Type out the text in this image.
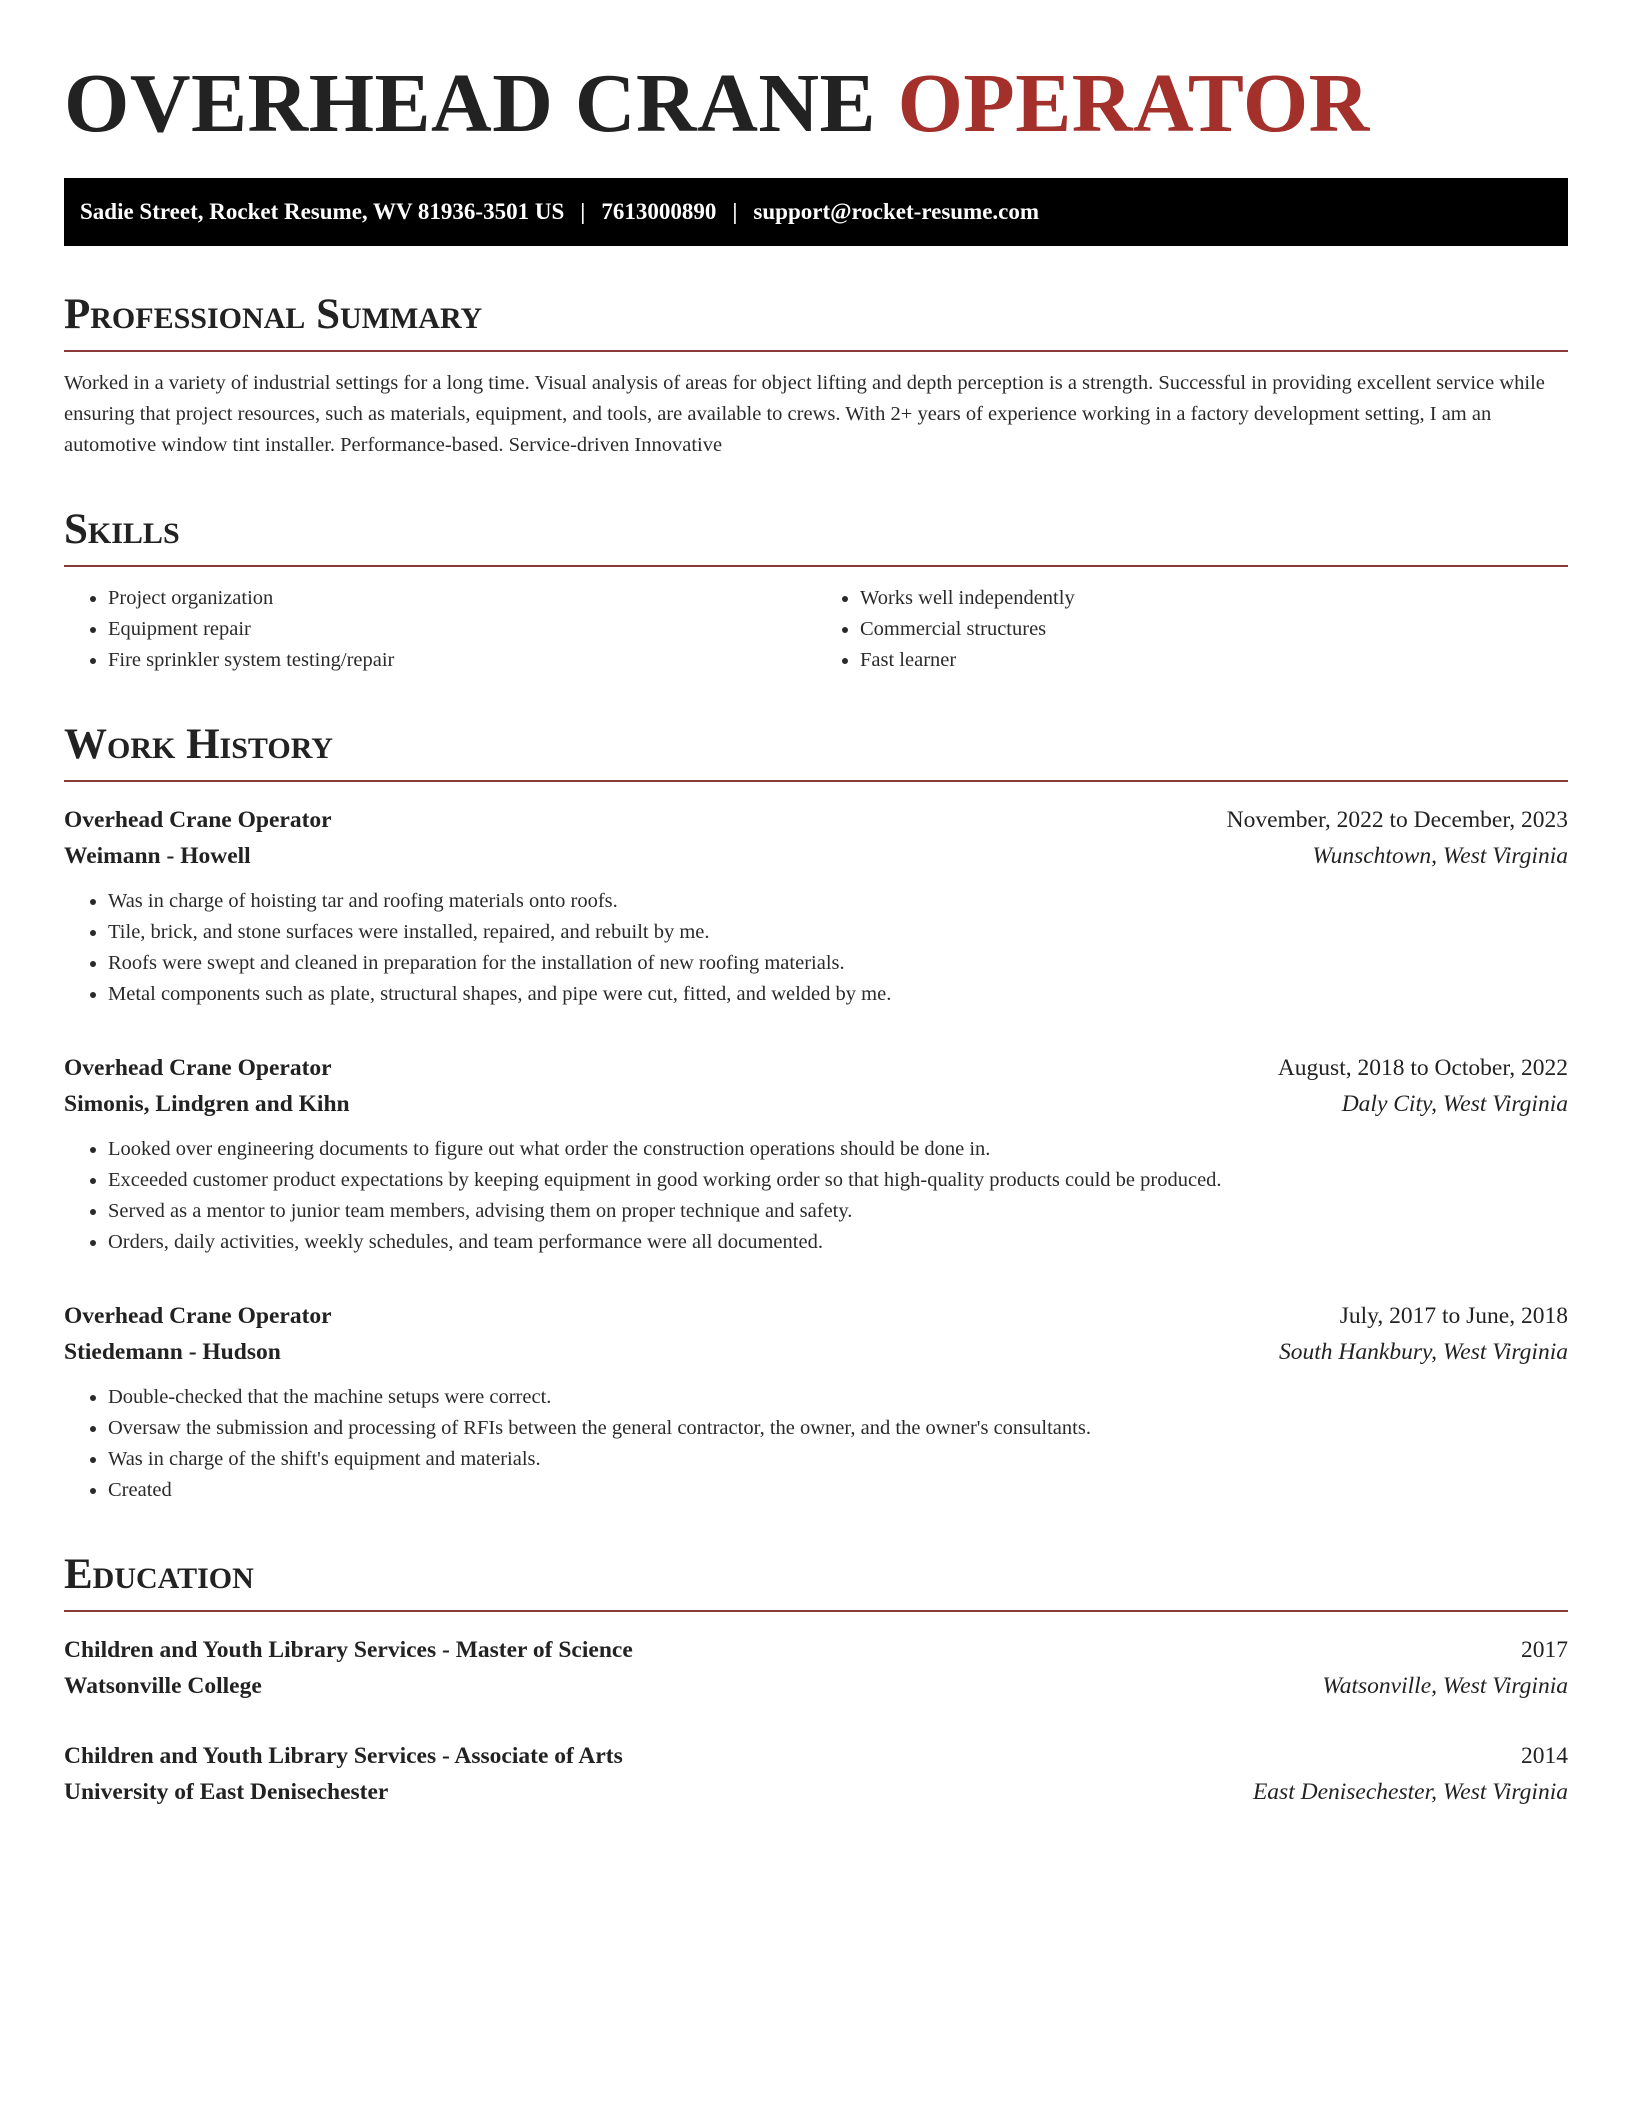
OVERHEAD CRANE OPERATOR
Sadie Street, Rocket Resume, WV 81936-3501 US | 7613000890 | support@rocket-resume.com
Professional Summary

Worked in a variety of industrial settings for a long time. Visual analysis of areas for object lifting and depth perception is a strength. Successful in providing excellent service while ensuring that project resources, such as materials, equipment, and tools, are available to crews. With 2+ years of experience working in a factory development setting, I am an automotive window tint installer. Performance-based. Service-driven Innovative

Skills
• Project organization
• Equipment repair
• Fire sprinkler system testing/repair
• Works well independently
• Commercial structures
• Fast learner
Work History
Overhead Crane Operator	November, 2022 to December, 2023
Weimann - Howell	Wunschtown, West Virginia
• Was in charge of hoisting tar and roofing materials onto roofs.
• Tile, brick, and stone surfaces were installed, repaired, and rebuilt by me.
• Roofs were swept and cleaned in preparation for the installation of new roofing materials.
• Metal components such as plate, structural shapes, and pipe were cut, fitted, and welded by me.
Overhead Crane Operator	August, 2018 to October, 2022
Simonis, Lindgren and Kihn	Daly City, West Virginia
• Looked over engineering documents to figure out what order the construction operations should be done in.
• Exceeded customer product expectations by keeping equipment in good working order so that high-quality products could be produced.
• Served as a mentor to junior team members, advising them on proper technique and safety.
• Orders, daily activities, weekly schedules, and team performance were all documented.
Overhead Crane Operator	July, 2017 to June, 2018
Stiedemann - Hudson	South Hankbury, West Virginia
• Double-checked that the machine setups were correct.
• Oversaw the submission and processing of RFIs between the general contractor, the owner, and the owner's consultants.
• Was in charge of the shift's equipment and materials.
• Created
Education
Children and Youth Library Services - Master of Science	2017
Watsonville College	Watsonville, West Virginia
Children and Youth Library Services - Associate of Arts	2014
University of East Denisechester	East Denisechester, West Virginia
